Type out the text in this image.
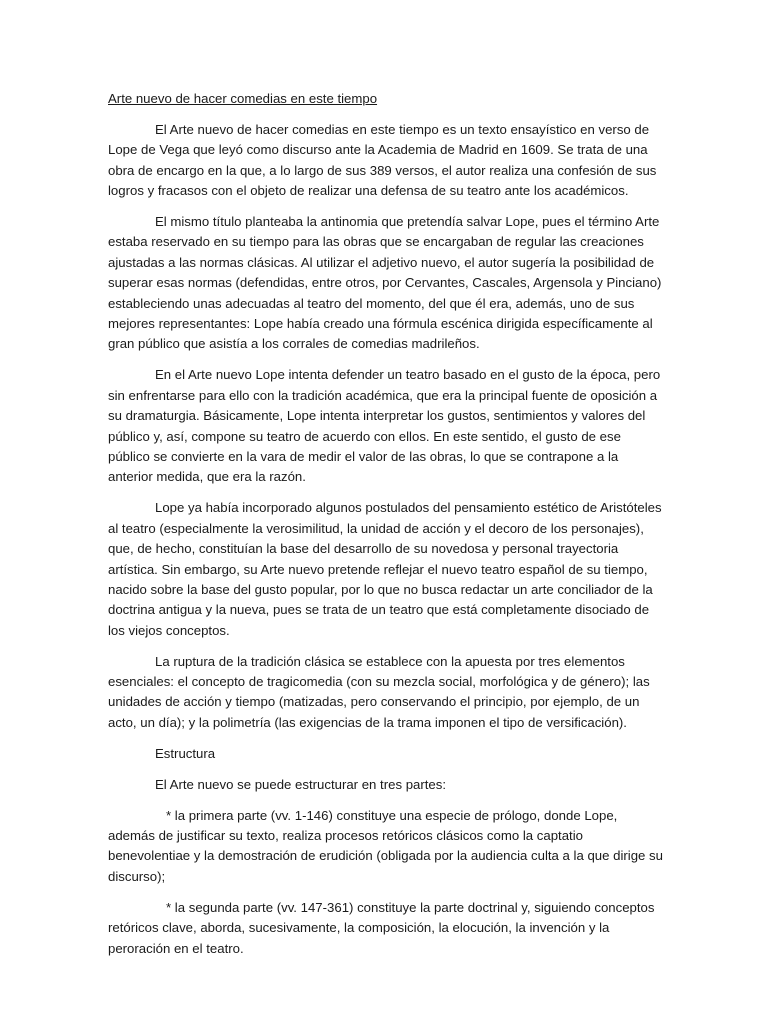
Arte nuevo de hacer comedias en este tiempo

El Arte nuevo de hacer comedias en este tiempo es un texto ensayístico en verso de Lope de Vega que leyó como discurso ante la Academia de Madrid en 1609. Se trata de una obra de encargo en la que, a lo largo de sus 389 versos, el autor realiza una confesión de sus logros y fracasos con el objeto de realizar una defensa de su teatro ante los académicos.

El mismo título planteaba la antinomia que pretendía salvar Lope, pues el término Arte estaba reservado en su tiempo para las obras que se encargaban de regular las creaciones ajustadas a las normas clásicas. Al utilizar el adjetivo nuevo, el autor sugería la posibilidad de superar esas normas (defendidas, entre otros, por Cervantes, Cascales, Argensola y Pinciano) estableciendo unas adecuadas al teatro del momento, del que él era, además, uno de sus mejores representantes: Lope había creado una fórmula escénica dirigida específicamente al gran público que asistía a los corrales de comedias madrileños.

En el Arte nuevo Lope intenta defender un teatro basado en el gusto de la época, pero sin enfrentarse para ello con la tradición académica, que era la principal fuente de oposición a su dramaturgia. Básicamente, Lope intenta interpretar los gustos, sentimientos y valores del público y, así, compone su teatro de acuerdo con ellos. En este sentido, el gusto de ese público se convierte en la vara de medir el valor de las obras, lo que se contrapone a la anterior medida, que era la razón.

Lope ya había incorporado algunos postulados del pensamiento estético de Aristóteles al teatro (especialmente la verosimilitud, la unidad de acción y el decoro de los personajes), que, de hecho, constituían la base del desarrollo de su novedosa y personal trayectoria artística. Sin embargo, su Arte nuevo pretende reflejar el nuevo teatro español de su tiempo, nacido sobre la base del gusto popular, por lo que no busca redactar un arte conciliador de la doctrina antigua y la nueva, pues se trata de un teatro que está completamente disociado de los viejos conceptos.

La ruptura de la tradición clásica se establece con la apuesta por tres elementos esenciales: el concepto de tragicomedia (con su mezcla social, morfológica y de género); las unidades de acción y tiempo (matizadas, pero conservando el principio, por ejemplo, de un acto, un día); y la polimetría (las exigencias de la trama imponen el tipo de versificación).

Estructura
El Arte nuevo se puede estructurar en tres partes:

* la primera parte (vv. 1-146) constituye una especie de prólogo, donde Lope, además de justificar su texto, realiza procesos retóricos clásicos como la captatio benevolentiae y la demostración de erudición (obligada por la audiencia culta a la que dirige su discurso);

* la segunda parte (vv. 147-361) constituye la parte doctrinal y, siguiendo conceptos retóricos clave, aborda, sucesivamente, la composición, la elocución, la invención y la peroración en el teatro.
